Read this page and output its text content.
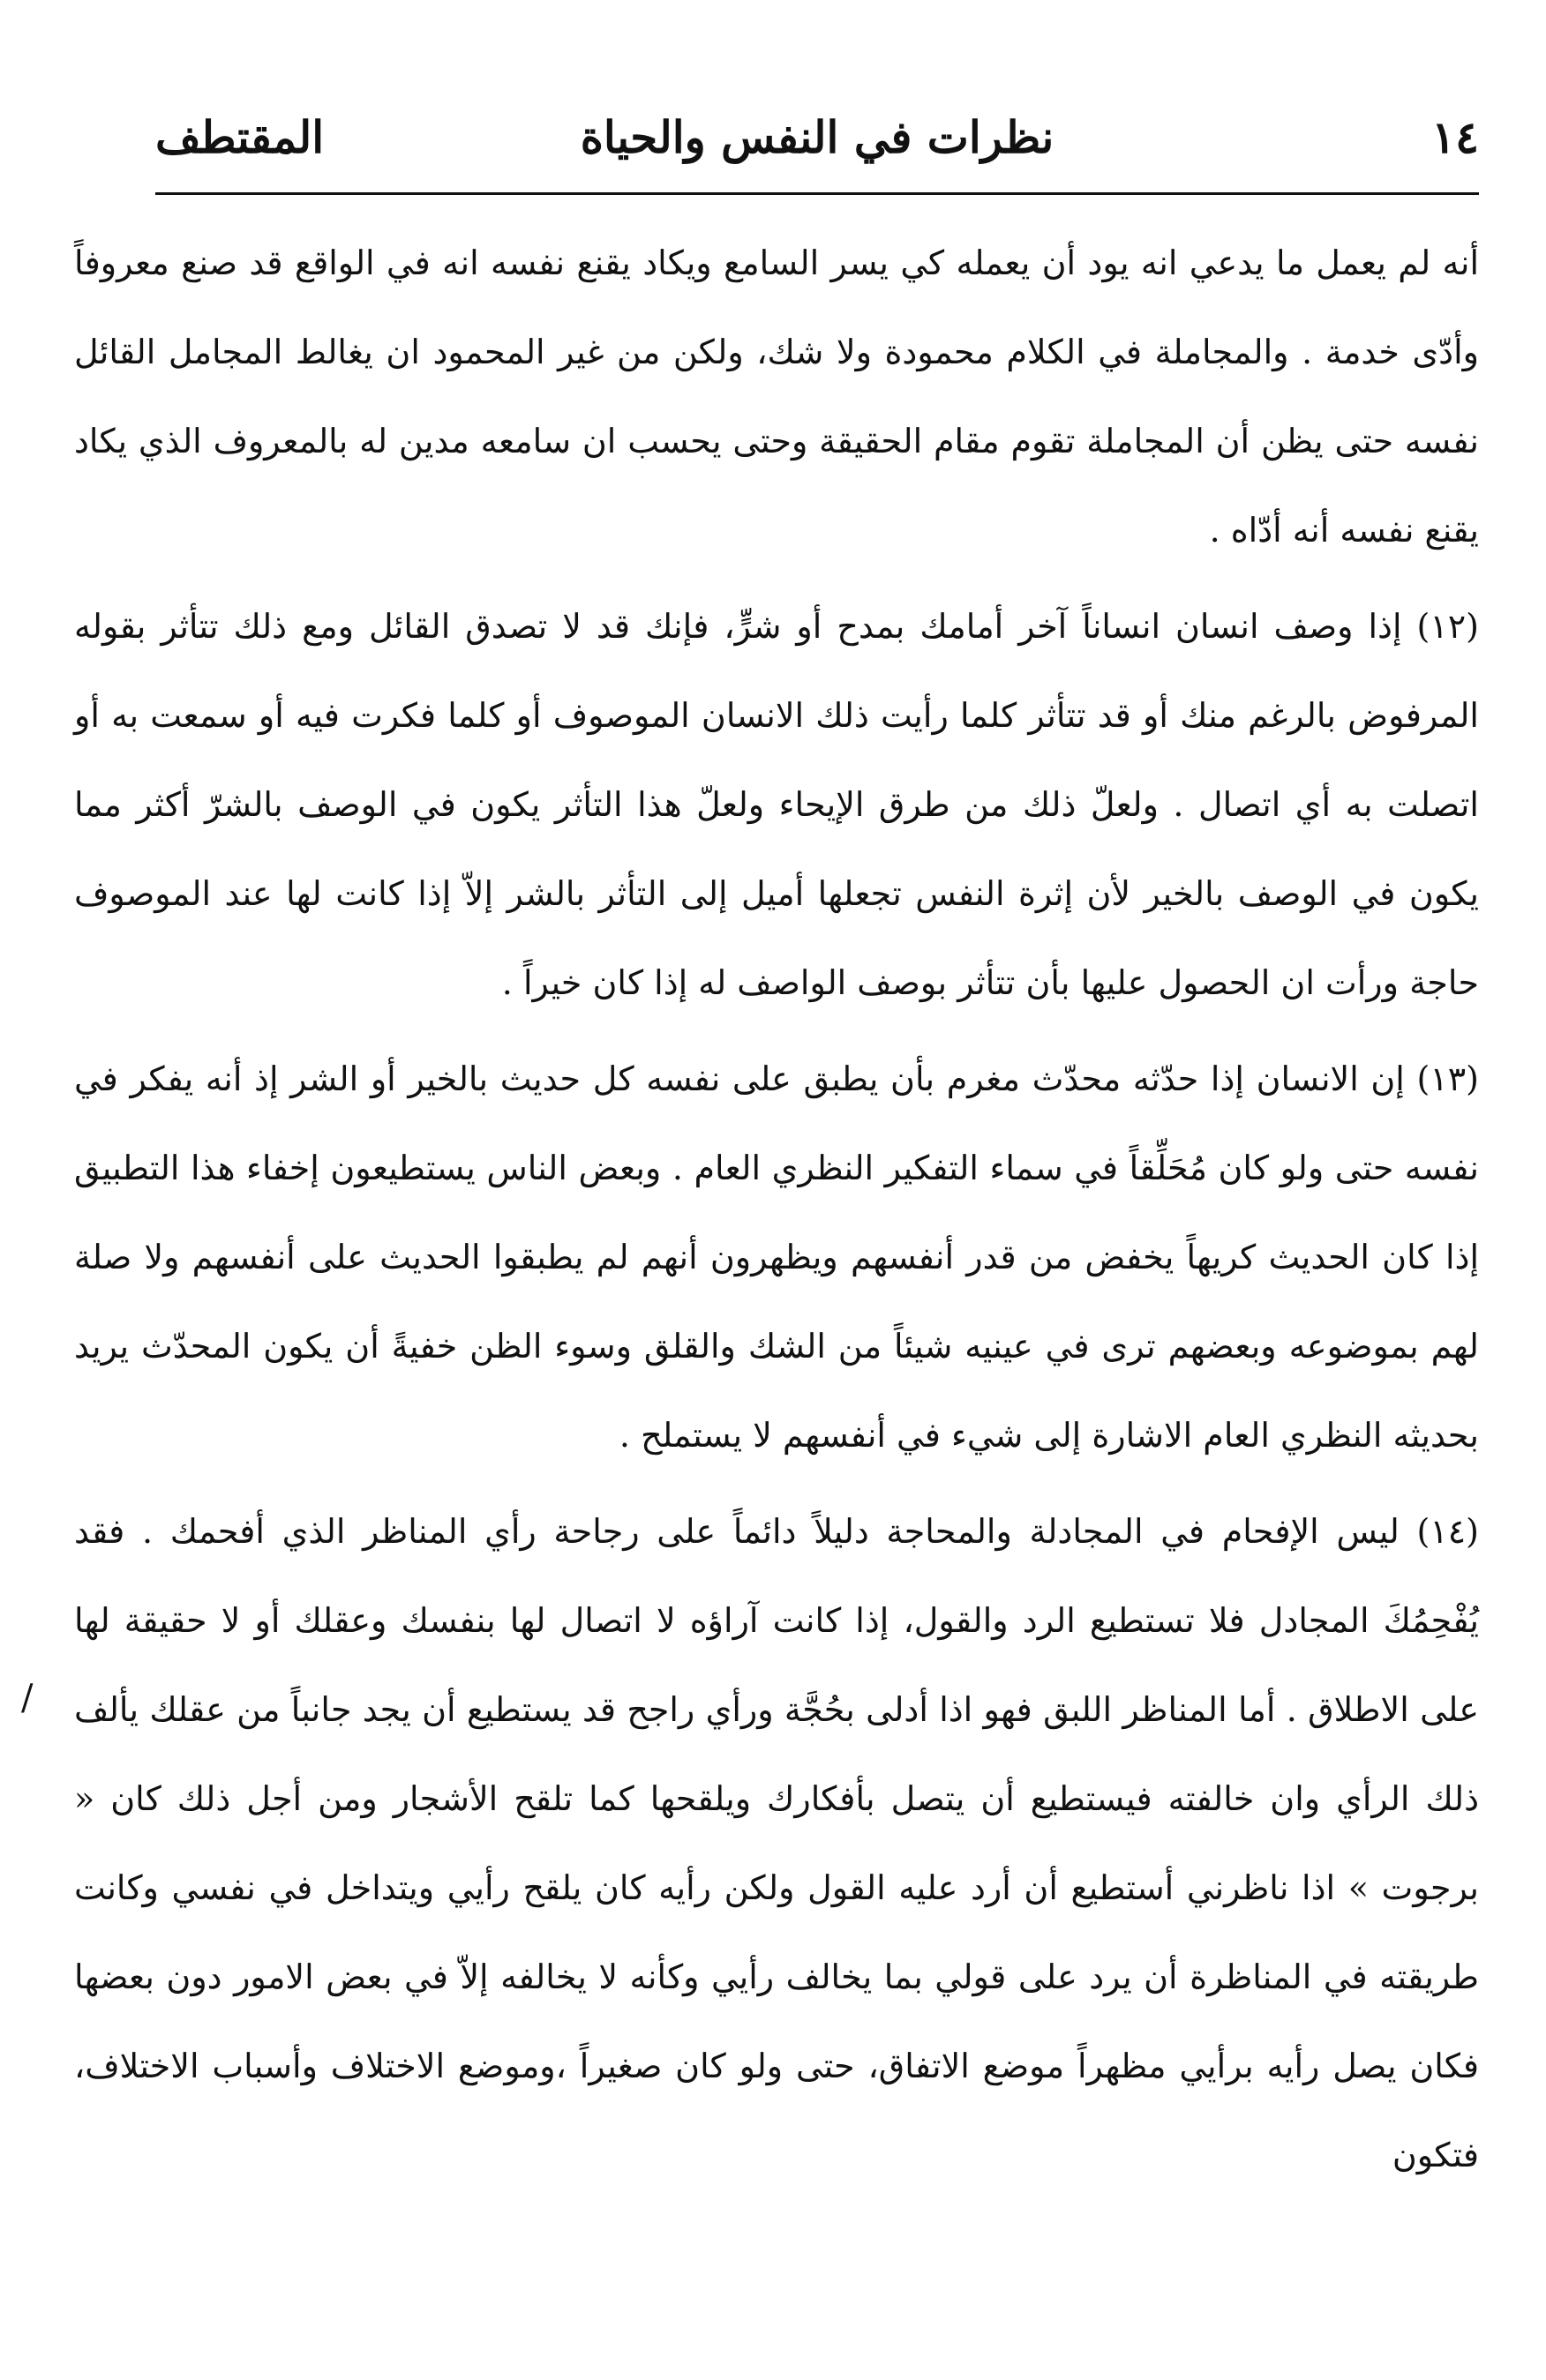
١٤
نظرات في النفس والحياة
المقتطف

أنه لم يعمل ما يدعي انه يود أن يعمله كي يسر السامع ويكاد يقنع نفسه انه في الواقع قد صنع معروفاً وأدّى خدمة . والمجاملة في الكلام محمودة ولا شك، ولكن من غير المحمود ان يغالط المجامل القائل نفسه حتى يظن أن المجاملة تقوم مقام الحقيقة وحتى يحسب ان سامعه مدين له بالمعروف الذي يكاد يقنع نفسه أنه أدّاه .

(١٢) إذا وصف انسان انساناً آخر أمامك بمدح أو شرٍّ، فإنك قد لا تصدق القائل ومع ذلك تتأثر بقوله المرفوض بالرغم منك أو قد تتأثر كلما رأيت ذلك الانسان الموصوف أو كلما فكرت فيه أو سمعت به أو اتصلت به أي اتصال . ولعلّ ذلك من طرق الإيحاء ولعلّ هذا التأثر يكون في الوصف بالشرّ أكثر مما يكون في الوصف بالخير لأن إثرة النفس تجعلها أميل إلى التأثر بالشر إلاّ إذا كانت لها عند الموصوف حاجة ورأت ان الحصول عليها بأن تتأثر بوصف الواصف له إذا كان خيراً .

(١٣) إن الانسان إذا حدّثه محدّث مغرم بأن يطبق على نفسه كل حديث بالخير أو الشر إذ أنه يفكر في نفسه حتى ولو كان مُحَلِّقاً في سماء التفكير النظري العام . وبعض الناس يستطيعون إخفاء هذا التطبيق إذا كان الحديث كريهاً يخفض من قدر أنفسهم ويظهرون أنهم لم يطبقوا الحديث على أنفسهم ولا صلة لهم بموضوعه وبعضهم ترى في عينيه شيئاً من الشك والقلق وسوء الظن خفيةً أن يكون المحدّث يريد بحديثه النظري العام الاشارة إلى شيء في أنفسهم لا يستملح .

(١٤) ليس الإفحام في المجادلة والمحاجة دليلاً دائماً على رجاحة رأي المناظر الذي أفحمك . فقد يُفْحِمُكَ المجادل فلا تستطيع الرد والقول، إذا كانت آراؤه لا اتصال لها بنفسك وعقلك أو لا حقيقة لها على الاطلاق . أما المناظر اللبق فهو اذا أدلى بحُجَّة ورأي راجح قد يستطيع أن يجد جانباً من عقلك يألف ذلك الرأي وان خالفته فيستطيع أن يتصل بأفكارك ويلقحها كما تلقح الأشجار ومن أجل ذلك كان « برجوت » اذا ناظرني أستطيع أن أرد عليه القول ولكن رأيه كان يلقح رأيي ويتداخل في نفسي وكانت طريقته في المناظرة أن يرد على قولي بما يخالف رأيي وكأنه لا يخالفه إلاّ في بعض الامور دون بعضها فكان يصل رأيه برأيي مظهراً موضع الاتفاق، حتى ولو كان صغيراً ،وموضع الاختلاف وأسباب الاختلاف، فتكون

/
